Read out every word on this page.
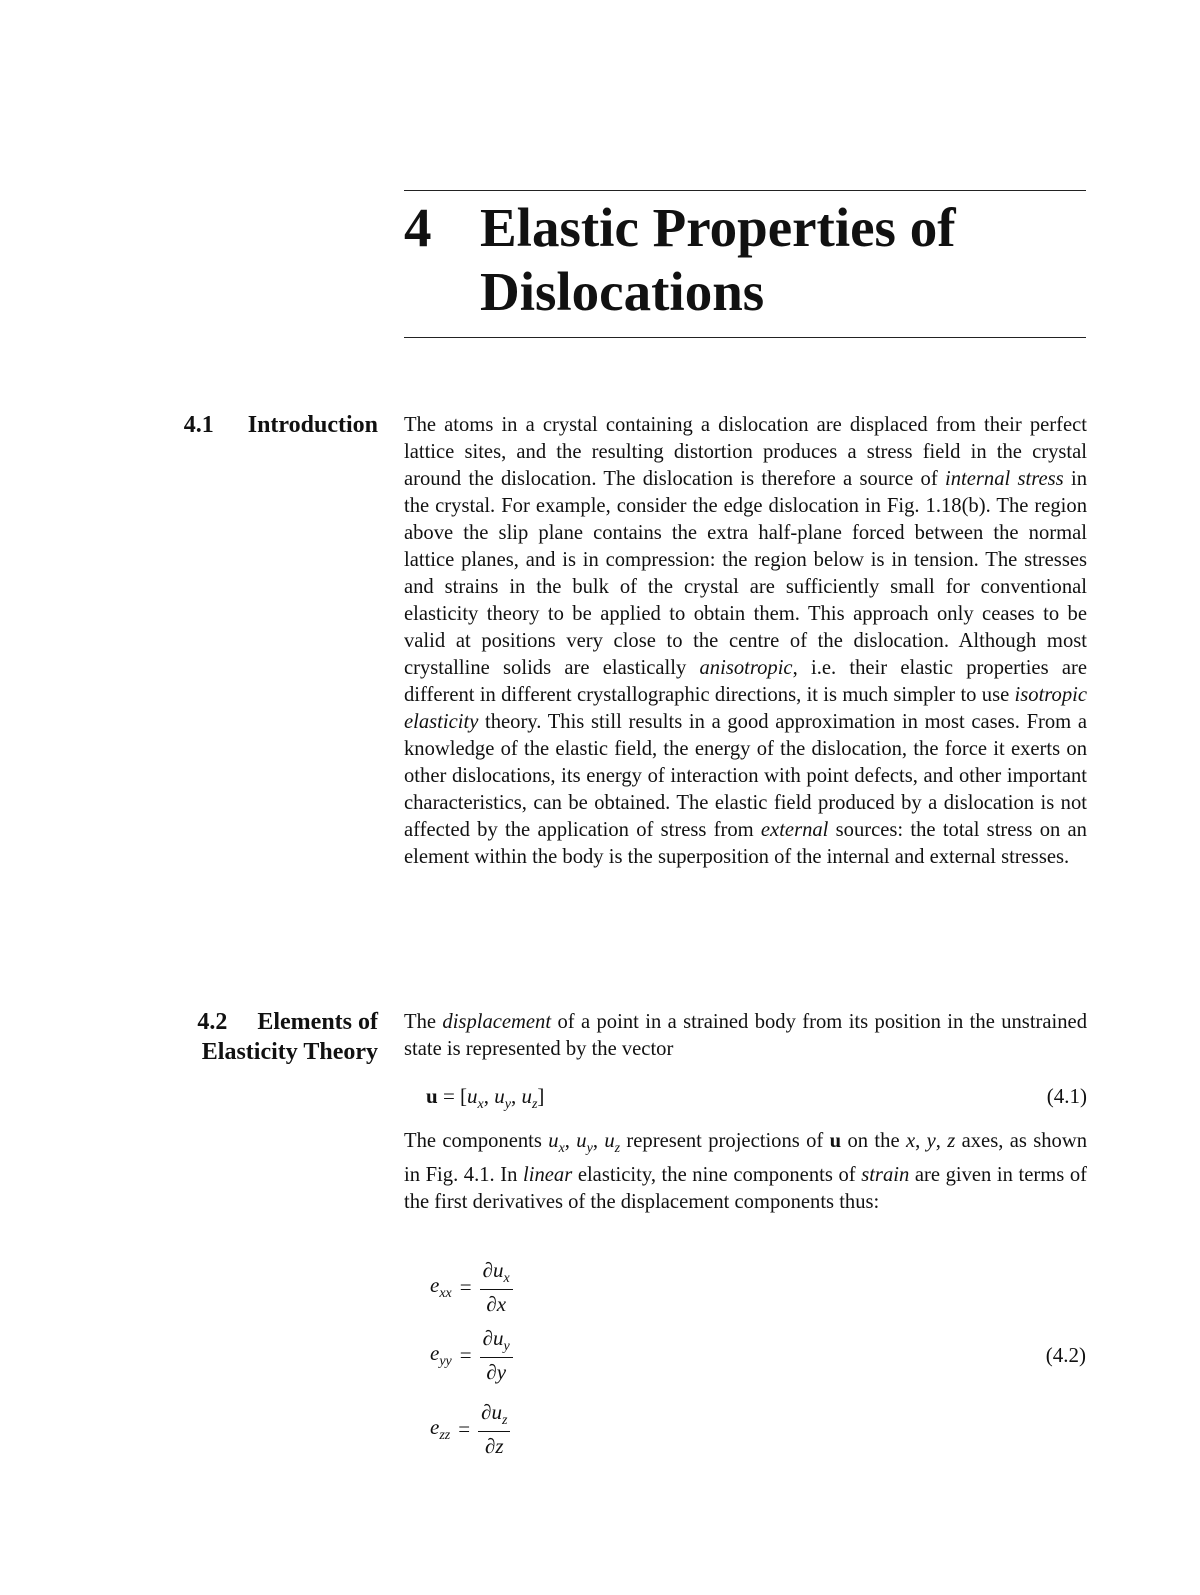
4 Elastic Properties of Dislocations
4.1 Introduction The atoms in a crystal containing a dislocation are displaced from their perfect lattice sites, and the resulting distortion produces a stress field in the crystal around the dislocation. The dislocation is therefore a source of internal stress in the crystal. For example, consider the edge dislocation in Fig. 1.18(b). The region above the slip plane contains the extra half-plane forced between the normal lattice planes, and is in compression: the region below is in tension. The stresses and strains in the bulk of the crystal are sufficiently small for conventional elasticity theory to be applied to obtain them. This approach only ceases to be valid at positions very close to the centre of the dislocation. Although most crystalline solids are elastically anisotropic, i.e. their elastic properties are different in different crystallographic directions, it is much simpler to use isotropic elasticity theory. This still results in a good approximation in most cases. From a knowledge of the elastic field, the energy of the dislocation, the force it exerts on other dislocations, its energy of interaction with point defects, and other important characteristics, can be obtained. The elastic field produced by a dislocation is not affected by the application of stress from external sources: the total stress on an element within the body is the superposition of the internal and external stresses.

4.2 Elements of
Elasticity Theory

The displacement of a point in a strained body from its position in the unstrained state is represented by the vector

$u = [u_x$, $u_y$, $u_z$]	(4.1)

The components $u_x$, $u_y$, $u_z$ represent projections of u on the x, y, z axes, as shown in Fig. 4.1. In linear elasticity, the nine components of strain are given in terms of the first derivatives of the displacement components thus:

$e_{xx} = \frac{\partial u_x}{\partial x}$
$e_{yy} = \frac{\partial u_y}{\partial y}$	(4.2)
$e_{zz} = \frac{\partial u_z}{\partial z}$
